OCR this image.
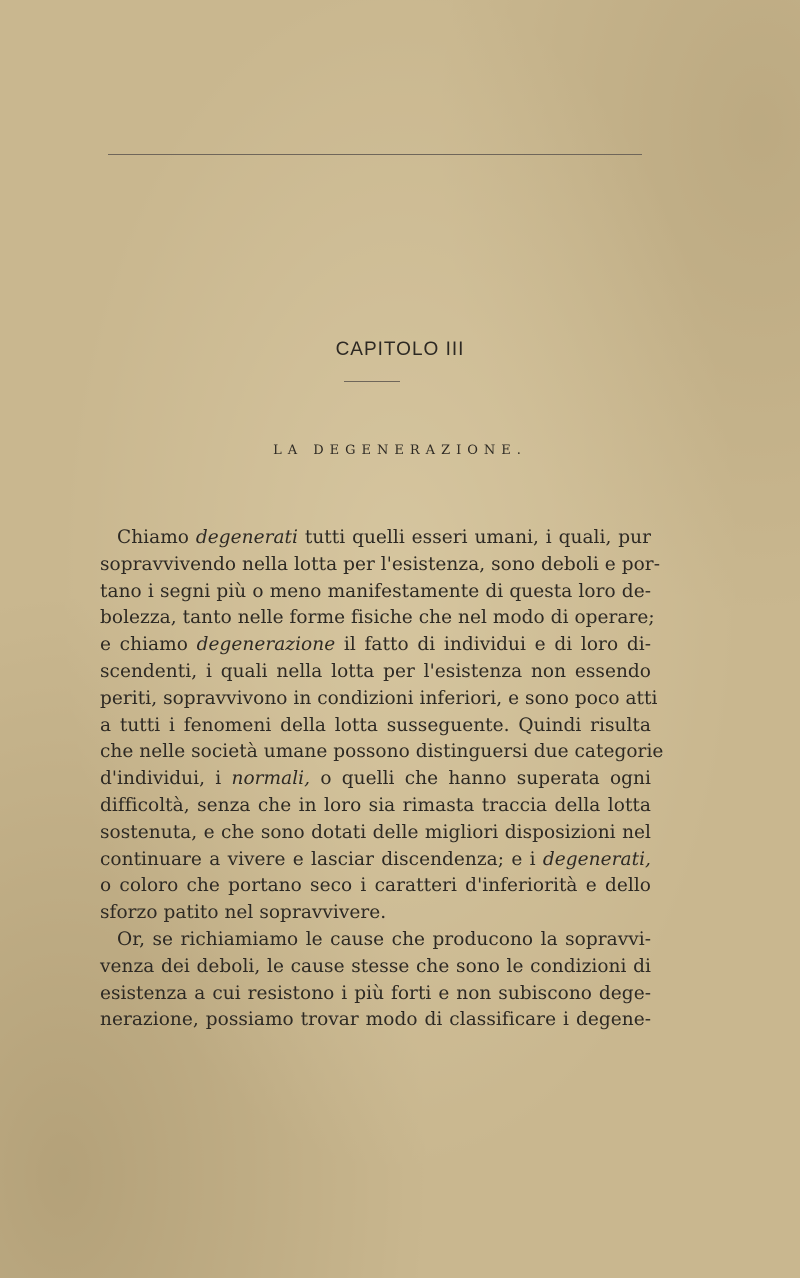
CAPITOLO III
LA DEGENERAZIONE.
Chiamo degenerati tutti quelli esseri umani, i quali, pur
sopravvivendo nella lotta per l'esistenza, sono deboli e por-
tano i segni più o meno manifestamente di questa loro de-
bolezza, tanto nelle forme fisiche che nel modo di operare;
e chiamo degenerazione il fatto di individui e di loro di-
scendenti, i quali nella lotta per l'esistenza non essendo
periti, sopravvivono in condizioni inferiori, e sono poco atti
a tutti i fenomeni della lotta susseguente. Quindi risulta
che nelle società umane possono distinguersi due categorie
d'individui, i normali, o quelli che hanno superata ogni
difficoltà, senza che in loro sia rimasta traccia della lotta
sostenuta, e che sono dotati delle migliori disposizioni nel
continuare a vivere e lasciar discendenza; e i degenerati,
o coloro che portano seco i caratteri d'inferiorità e dello
sforzo patito nel sopravvivere.
Or, se richiamiamo le cause che producono la sopravvi-
venza dei deboli, le cause stesse che sono le condizioni di
esistenza a cui resistono i più forti e non subiscono dege-
nerazione, possiamo trovar modo di classificare i degene-
